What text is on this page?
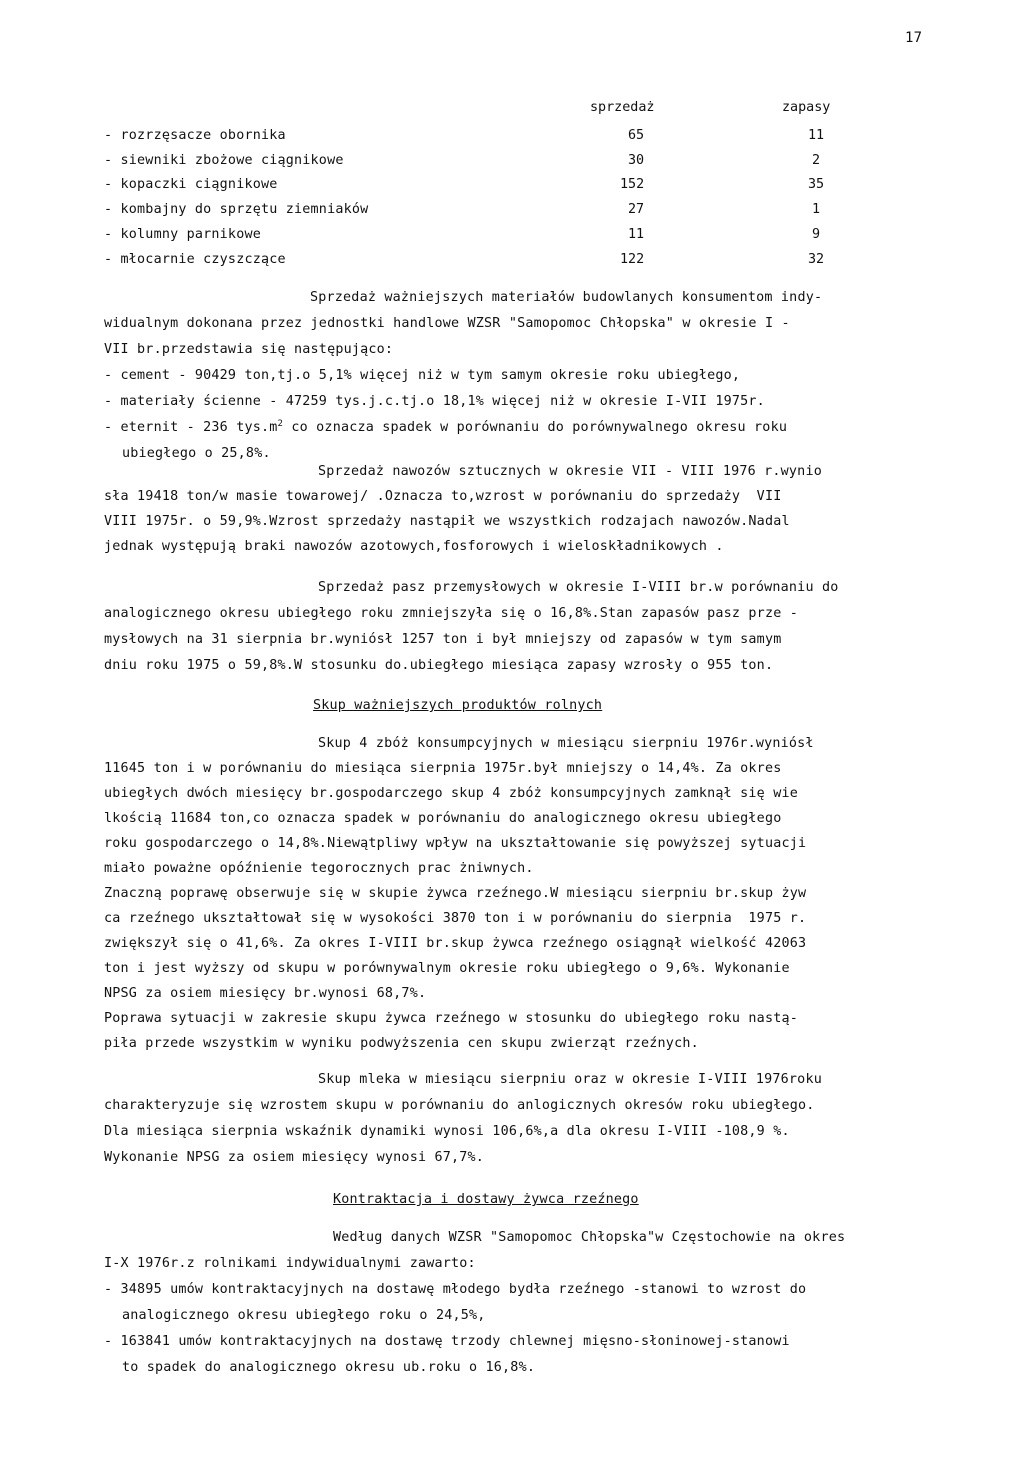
17
sprzedaż	zapasy
- rozrzęsacze obornika	65	11
- siewniki zbożowe ciągnikowe	30	2
- kopaczki ciągnikowe	152	35
- kombajny do sprzętu ziemniaków	27	1
- kolumny parnikowe	11	9
- młocarnie czyszczące	122	32
Sprzedaż ważniejszych materiałów budowlanych konsumentom indy-
widualnym dokonana przez jednostki handlowe WZSR "Samopomoc Chłopska" w okresie I -
VII br.przedstawia się następująco:
- cement - 90429 ton,tj.o 5,1% więcej niż w tym samym okresie roku ubiegłego,
- materiały ścienne - 47259 tys.j.c.tj.o 18,1% więcej niż w okresie I-VII 1975r.
- eternit - 236 $tys.m^2$ co oznacza spadek w porównaniu do porównywalnego okresu roku
ubiegłego o 25,8%.
Sprzedaż nawozów sztucznych w okresie VII - VIII 1976 r.wynio
sła 19418 ton/w masie towarowej/ .Oznacza to,wzrost w porównaniu do sprzedaży  VII
VIII 1975r. o 59,9%.Wzrost sprzedaży nastąpił we wszystkich rodzajach nawozów.Nadal
jednak występują braki nawozów azotowych,fosforowych i wieloskładnikowych .
Sprzedaż pasz przemysłowych w okresie I-VIII br.w porównaniu do
analogicznego okresu ubiegłego roku zmniejszyła się o 16,8%.Stan zapasów pasz prze -
mysłowych na 31 sierpnia br.wyniósł 1257 ton i był mniejszy od zapasów w tym samym
dniu roku 1975 o 59,8%.W stosunku do.ubiegłego miesiąca zapasy wzrosły o 955 ton.
Skup ważniejszych produktów rolnych
Skup 4 zbóż konsumpcyjnych w miesiącu sierpniu 1976r.wyniósł
11645 ton i w porównaniu do miesiąca sierpnia 1975r.był mniejszy o 14,4%. Za okres
ubiegłych dwóch miesięcy br.gospodarczego skup 4 zbóż konsumpcyjnych zamknął się wie
lkością 11684 ton,co oznacza spadek w porównaniu do analogicznego okresu ubiegłego
roku gospodarczego o 14,8%.Niewątpliwy wpływ na ukształtowanie się powyższej sytuacji
miało poważne opóźnienie tegorocznych prac żniwnych.
Znaczną poprawę obserwuje się w skupie żywca rzeźnego.W miesiącu sierpniu br.skup żyw
ca rzeźnego ukształtował się w wysokości 3870 ton i w porównaniu do sierpnia  1975 r.
zwiększył się o 41,6%. Za okres I-VIII br.skup żywca rzeźnego osiągnął wielkość 42063
ton i jest wyższy od skupu w porównywalnym okresie roku ubiegłego o 9,6%. Wykonanie
NPSG za osiem miesięcy br.wynosi 68,7%.
Poprawa sytuacji w zakresie skupu żywca rzeźnego w stosunku do ubiegłego roku nastą-
piła przede wszystkim w wyniku podwyższenia cen skupu zwierząt rzeźnych.
Skup mleka w miesiącu sierpniu oraz w okresie I-VIII 1976roku
charakteryzuje się wzrostem skupu w porównaniu do anlogicznych okresów roku ubiegłego.
Dla miesiąca sierpnia wskaźnik dynamiki wynosi 106,6%,a dla okresu I-VIII -108,9 %.
Wykonanie NPSG za osiem miesięcy wynosi 67,7%.
Kontraktacja i dostawy żywca rzeźnego
Według danych WZSR "Samopomoc Chłopska"w Częstochowie na okres
I-X 1976r.z rolnikami indywidualnymi zawarto:
- 34895 umów kontraktacyjnych na dostawę młodego bydła rzeźnego -stanowi to wzrost do
analogicznego okresu ubiegłego roku o 24,5%,
- 163841 umów kontraktacyjnych na dostawę trzody chlewnej mięsno-słoninowej-stanowi
to spadek do analogicznego okresu ub.roku o 16,8%.
